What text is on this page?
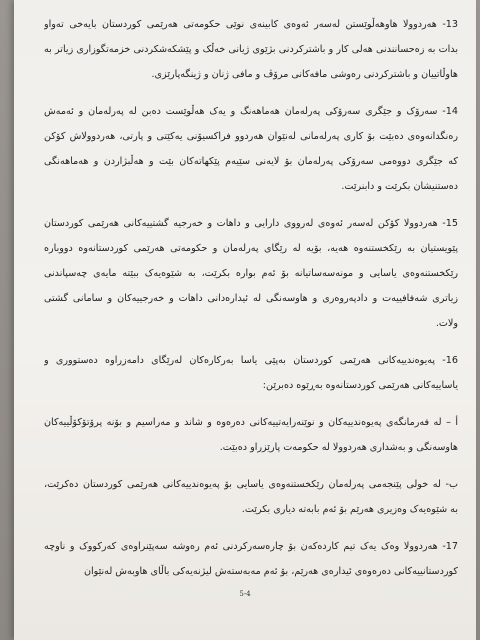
13- هەردوولا هاوهەڵوێستن لەسەر ئەوەی کابینەی نوێی حکومەتی هەرێمی کوردستان بایەخی تەواو
بدات بە زەحسانندنی هەلی کار و باشترکردنی بژێوی ژیانی خەڵک و پێشکەشکردنی خزمەتگوزاری زیاتر بە
هاوڵاتییان و باشترکردنی رەوشی مافەکانی مرۆڤ و مافی ژنان و ژینگەپارێزی.
14- سەرۆک و جێگری سەرۆکی پەرلەمان هەماهەنگ و یەک هەڵوێست دەبن لە پەرلەمان و ئەمەش
رەنگدانەوەی دەبێت بۆ کاری پەرلەمانی لەنێوان هەردوو فراکسیۆنی یەکێتی و پارتی، هەردوولاش کۆکن
کە جێگری دووەمی سەرۆکی پەرلەمان بۆ لایەنی سێیەم پێکهاتەکان بێت و هەڵبژاردن و هەماهەنگی
دەستنیشان بکرێت و دابنرێت.
15- هەردوولا کۆکن لەسەر ئەوەی لەرووی دارایی و داهات و خەرجیە گشتییەکانی هەرێمی کوردستان
پێویستیان بە رێکخستنەوە هەیە، بۆیە لە رێگای پەرلەمان و حکومەتی هەرێمی کوردستانەوە دووبارە
رێکخستنەوەی یاسایی و مونەسەساتیانە بۆ ئەم بوارە بکرێت، بە شێوەیەک ببێتە مایەی چەسپاندنی
زیاتری شەفافییەت و دادپەروەری و هاوسەنگی لە ئیدارەدانی داهات و خەرجییەکان و سامانی گشتی
ولات.
16- پەیوەندییەکانی هەرێمی کوردستان بەپێی یاسا بەرکارەکان لەرێگای دامەزراوە دەستووری و
یاساییەکانی هەرێمی کوردستانەوە بەڕێوە دەبرێن:
أ – لە فەرمانگەی پەیوەندییەکان و نوێنەرایەتییەکانی دەرەوە و شاند و مەراسیم و بۆنە پرۆتۆکۆڵییەکان
هاوسەنگی و بەشداری هەردوولا لە حکومەت پارێزراو دەبێت.
ب- لە خولی پێنجەمی پەرلەمان رێکخستنەوەی یاسایی بۆ پەیوەندییەکانی هەرێمی کوردستان دەکرێت،
بە شێوەیەک وەزیری هەرێم بۆ ئەم بابەتە دیاری بکرێت.
17- هەردوولا وەک یەک تیم کاردەکەن بۆ چارەسەرکردنی ئەم رەوشە سەپێنراوەی کەرکووک و ناوچە
کوردستانییەکانی دەرەوەی ئیدارەی هەرێم، بۆ ئەم مەبەستەش لیژنەیەکی باڵای هاوبەش لەنێوان
5-4
